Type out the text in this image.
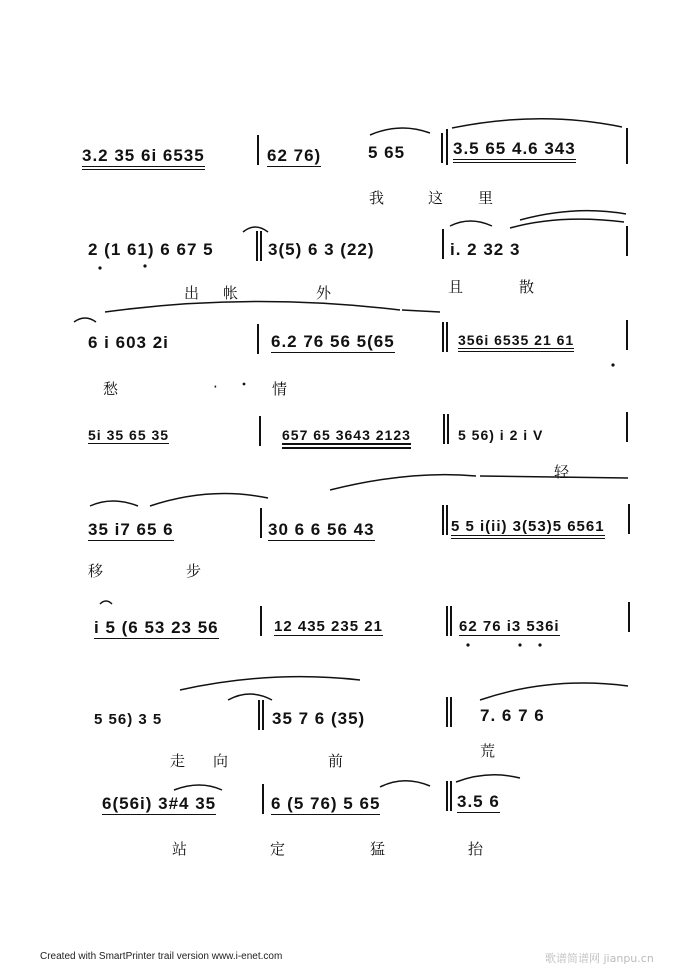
3.2 35 6i 6535	62 76)	5 65	3.5 65 4.6 343
我	这 里
2 (1 61) 6 67 5	3(5) 6 3 (22)	i. 2 32 3
出 帐	外	且	散
6 i 603 2i	6.2 76 56 5(65	356i 6535 21 61
愁	·	情
5i 35 65 35	657 65 3643 2123	5 56) i 2 i V
轻
35 i7 65 6	30 6 6 56 43	5 5 i(ii) 3(53)5 6561
移	步
i 5 (6 53 23 56	12 435 235 21	62 76 i3 536i
5 56) 3 5	35 7 6 (35)	7. 6 7 6
走 向	前
荒
6(56i) 3#4 35	6 (5 76) 5 65	3.5 6
站	定	猛	抬
Created with SmartPrinter trail version www.i-enet.com	歌谱简谱网 jianpu.cn
